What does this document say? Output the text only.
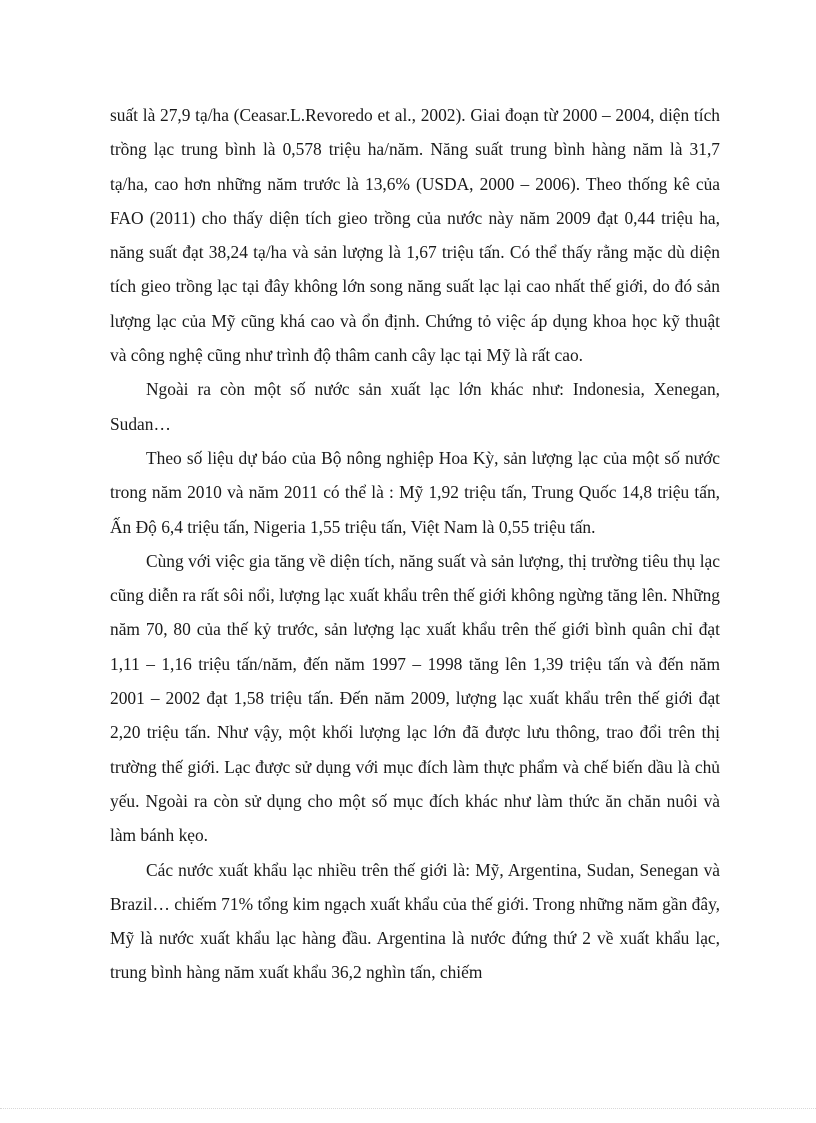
suất là 27,9 tạ/ha (Ceasar.L.Revoredo et al., 2002). Giai đoạn từ 2000 – 2004, diện tích trồng lạc trung bình là 0,578 triệu ha/năm. Năng suất trung bình hàng năm là 31,7 tạ/ha, cao hơn những năm trước là 13,6% (USDA, 2000 – 2006). Theo thống kê của FAO (2011) cho thấy diện tích gieo trồng của nước này năm 2009 đạt 0,44 triệu ha, năng suất đạt 38,24 tạ/ha và sản lượng là 1,67 triệu tấn. Có thể thấy rằng mặc dù diện tích gieo trồng lạc tại đây không lớn song năng suất lạc lại cao nhất thế giới, do đó sản lượng lạc của Mỹ cũng khá cao và ổn định. Chứng tỏ việc áp dụng khoa học kỹ thuật và công nghệ cũng như trình độ thâm canh cây lạc tại Mỹ là rất cao.

Ngoài ra còn một số nước sản xuất lạc lớn khác như: Indonesia, Xenegan, Sudan…

Theo số liệu dự báo của Bộ nông nghiệp Hoa Kỳ, sản lượng lạc của một số nước trong năm 2010 và năm 2011 có thể là : Mỹ 1,92 triệu tấn, Trung Quốc 14,8 triệu tấn, Ấn Độ 6,4 triệu tấn, Nigeria 1,55 triệu tấn, Việt Nam là 0,55 triệu tấn.

Cùng với việc gia tăng về diện tích, năng suất và sản lượng, thị trường tiêu thụ lạc cũng diễn ra rất sôi nổi, lượng lạc xuất khẩu trên thế giới không ngừng tăng lên. Những năm 70, 80 của thế kỷ trước, sản lượng lạc xuất khẩu trên thế giới bình quân chỉ đạt 1,11 – 1,16 triệu tấn/năm, đến năm 1997 – 1998 tăng lên 1,39 triệu tấn và đến năm 2001 – 2002 đạt 1,58 triệu tấn. Đến năm 2009, lượng lạc xuất khẩu trên thế giới đạt 2,20 triệu tấn. Như vậy, một khối lượng lạc lớn đã được lưu thông, trao đổi trên thị trường thế giới. Lạc được sử dụng với mục đích làm thực phẩm và chế biến dầu là chủ yếu. Ngoài ra còn sử dụng cho một số mục đích khác như làm thức ăn chăn nuôi và làm bánh kẹo.

Các nước xuất khẩu lạc nhiều trên thế giới là: Mỹ, Argentina, Sudan, Senegan và Brazil… chiếm 71% tổng kim ngạch xuất khẩu của thế giới. Trong những năm gần đây, Mỹ là nước xuất khẩu lạc hàng đầu. Argentina là nước đứng thứ 2 về xuất khẩu lạc, trung bình hàng năm xuất khẩu 36,2 nghìn tấn, chiếm
